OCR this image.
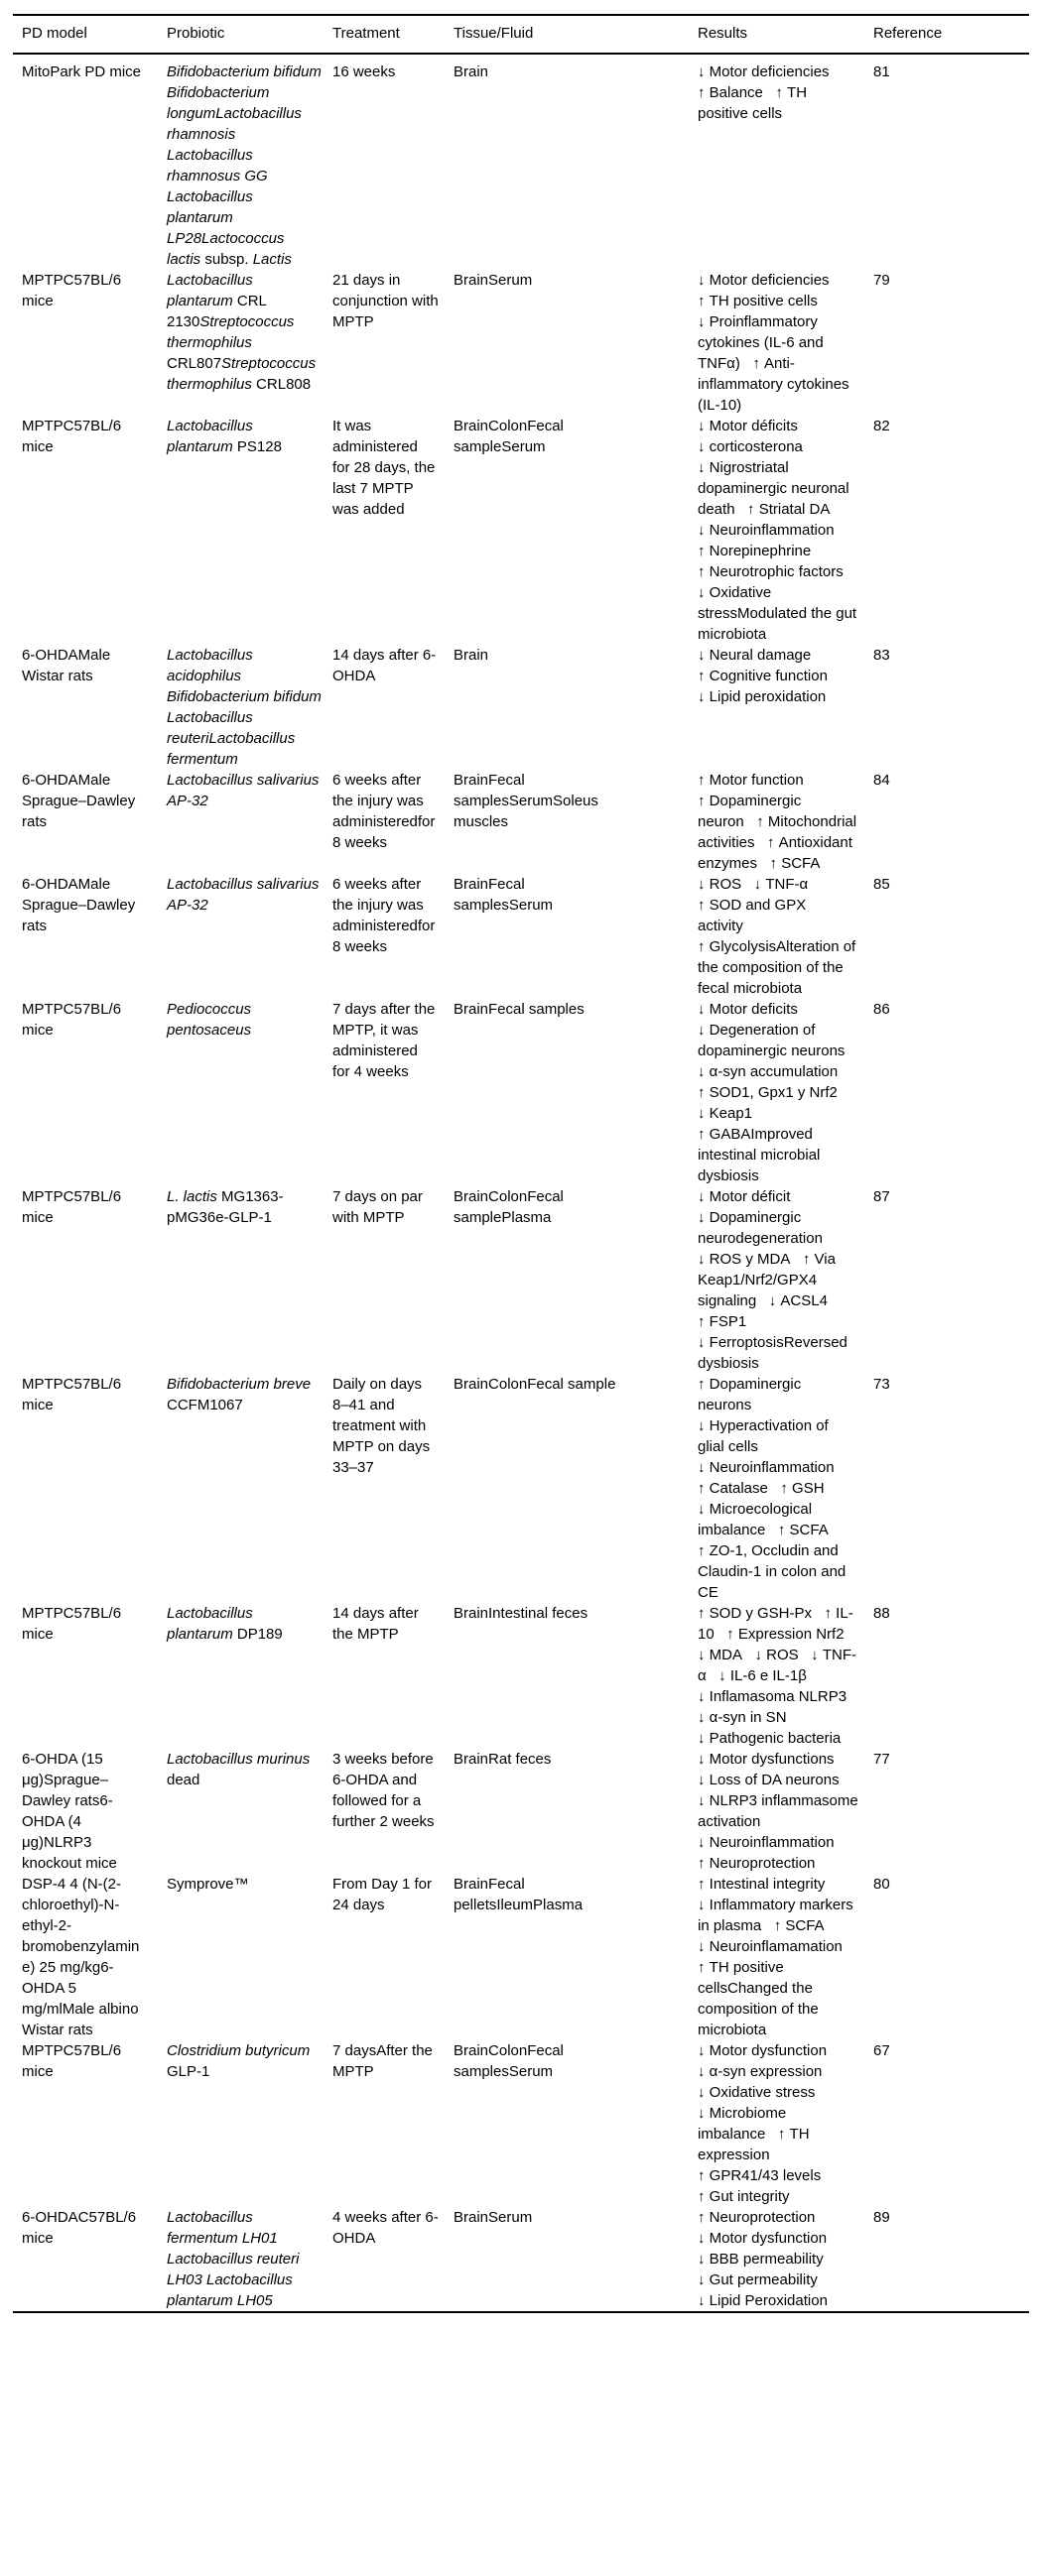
PD model	Probiotic	Treatment	Tissue/Fluid	Results	Reference
MitoPark PD mice	Bifidobacterium bifidum Bifidobacterium longumLactobacillus rhamnosis Lactobacillus rhamnosus GG Lactobacillus plantarum LP28Lactococcus lactis subsp. Lactis	16 weeks	Brain	↓ Motor deficiencies   ↑ Balance   ↑ TH positive cells	81
MPTPC57BL/6 mice	Lactobacillus plantarum CRL 2130Streptococcus thermophilus CRL807Streptococcus thermophilus CRL808	21 days in conjunction with MPTP	BrainSerum	↓ Motor deficiencies   ↑ TH positive cells   ↓ Proinflammatory cytokines (IL-6 and TNFα)   ↑ Anti-inflammatory cytokines (IL-10)	79
MPTPC57BL/6 mice	Lactobacillus plantarum PS128	It was administered for 28 days, the last 7 MPTP was added	BrainColonFecal sampleSerum	↓ Motor déficits   ↓ corticosterona   ↓ Nigrostriatal dopaminergic neuronal death   ↑ Striatal DA   ↓ Neuroinflammation   ↑ Norepinephrine   ↑ Neurotrophic factors   ↓ Oxidative stressModulated the gut microbiota	82
6-OHDAMale Wistar rats	Lactobacillus acidophilus Bifidobacterium bifidum Lactobacillus reuteriLactobacillus fermentum	14 days after 6-OHDA	Brain	↓ Neural damage   ↑ Cognitive function   ↓ Lipid peroxidation	83
6-OHDAMale Sprague–Dawley rats	Lactobacillus salivarius AP-32	6 weeks after the injury was administeredfor 8 weeks	BrainFecal samplesSerumSoleus muscles	↑ Motor function   ↑ Dopaminergic neuron   ↑ Mitochondrial activities   ↑ Antioxidant enzymes   ↑ SCFA	84
6-OHDAMale Sprague–Dawley rats	Lactobacillus salivarius AP-32	6 weeks after the injury was administeredfor 8 weeks	BrainFecal samplesSerum	↓ ROS   ↓ TNF-α   ↑ SOD and GPX activity   ↑ GlycolysisAlteration of the composition of the fecal microbiota	85
MPTPC57BL/6 mice	Pediococcus pentosaceus	7 days after the MPTP, it was administered for 4 weeks	BrainFecal samples	↓ Motor deficits   ↓ Degeneration of dopaminergic neurons   ↓ α-syn accumulation   ↑ SOD1, Gpx1 y Nrf2   ↓ Keap1   ↑ GABAImproved intestinal microbial dysbiosis	86
MPTPC57BL/6 mice	L. lactis MG1363-pMG36e-GLP-1	7 days on par with MPTP	BrainColonFecal samplePlasma	↓ Motor déficit   ↓ Dopaminergic neurodegeneration   ↓ ROS y MDA   ↑ Via Keap1/Nrf2/GPX4 signaling   ↓ ACSL4   ↑ FSP1   ↓ FerroptosisReversed dysbiosis	87
MPTPC57BL/6 mice	Bifidobacterium breve CCFM1067	Daily on days 8–41 and treatment with MPTP on days 33–37	BrainColonFecal sample	↑ Dopaminergic neurons   ↓ Hyperactivation of glial cells   ↓ Neuroinflammation   ↑ Catalase   ↑ GSH   ↓ Microecological imbalance   ↑ SCFA   ↑ ZO-1, Occludin and Claudin-1 in colon and CE	73
MPTPC57BL/6 mice	Lactobacillus plantarum DP189	14 days after the MPTP	BrainIntestinal feces	↑ SOD y GSH-Px   ↑ IL-10   ↑ Expression Nrf2   ↓ MDA   ↓ ROS   ↓ TNF-α   ↓ IL-6 e IL-1β   ↓ Inflamasoma NLRP3   ↓ α-syn in SN   ↓ Pathogenic bacteria	88
6-OHDA (15 μg)Sprague–Dawley rats6-OHDA (4 μg)NLRP3 knockout mice	Lactobacillus murinus dead	3 weeks before 6-OHDA and followed for a further 2 weeks	BrainRat feces	↓ Motor dysfunctions   ↓ Loss of DA neurons   ↓ NLRP3 inflammasome activation   ↓ Neuroinflammation   ↑ Neuroprotection	77
DSP-4 4 (N-(2-chloroethyl)-N-ethyl-2-bromobenzylamine) 25 mg/kg6-OHDA 5 mg/mlMale albino Wistar rats	Symprove™	From Day 1 for 24 days	BrainFecal pelletsIleumPlasma	↑ Intestinal integrity   ↓ Inflammatory markers in plasma   ↑ SCFA   ↓ Neuroinflamamation   ↑ TH positive cellsChanged the composition of the microbiota	80
MPTPC57BL/6 mice	Clostridium butyricum GLP-1	7 daysAfter the MPTP	BrainColonFecal samplesSerum	↓ Motor dysfunction   ↓ α-syn expression   ↓ Oxidative stress   ↓ Microbiome imbalance   ↑ TH expression   ↑ GPR41/43 levels   ↑ Gut integrity	67
6-OHDAC57BL/6 mice	Lactobacillus fermentum LH01 Lactobacillus reuteri LH03 Lactobacillus plantarum LH05	4 weeks after 6-OHDA	BrainSerum	↑ Neuroprotection   ↓ Motor dysfunction   ↓ BBB permeability   ↓ Gut permeability   ↓ Lipid Peroxidation	89
